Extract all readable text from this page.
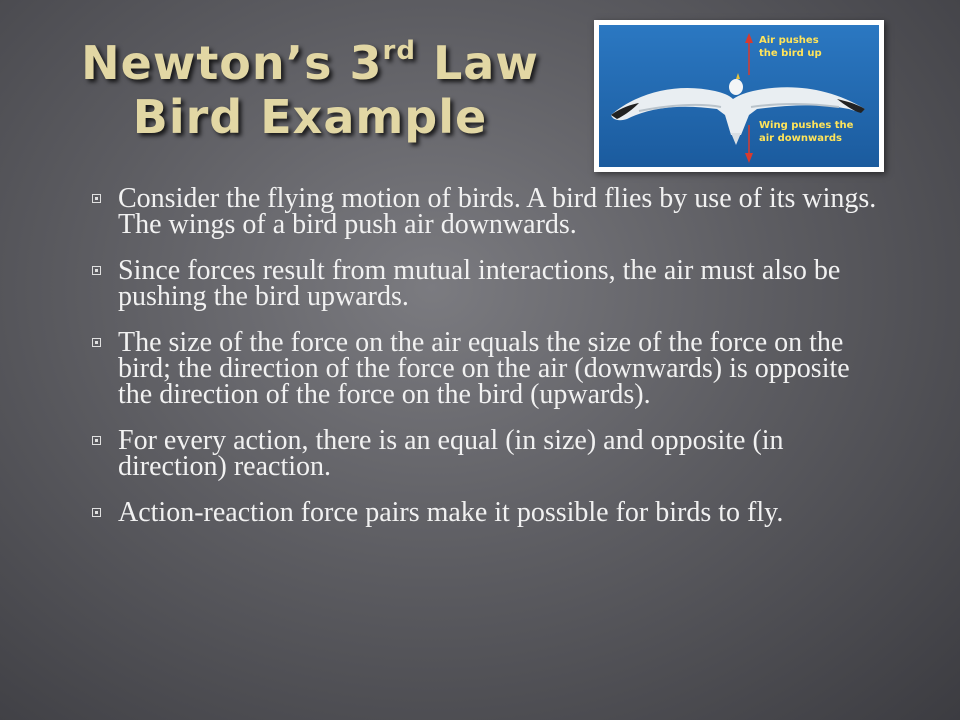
Newton’s 3rd Law
Bird Example
Air pushes
the bird up
Wing pushes the
air downwards
Consider the flying motion of birds. A bird flies by use of its wings. The wings of a bird push air downwards.
Since forces result from mutual interactions, the air must also be pushing the bird upwards.
The size of the force on the air equals the size of the force on the bird; the direction of the force on the air (downwards) is opposite the direction of the force on the bird (upwards).
For every action, there is an equal (in size) and opposite (in direction) reaction.
Action-reaction force pairs make it possible for birds to fly.
